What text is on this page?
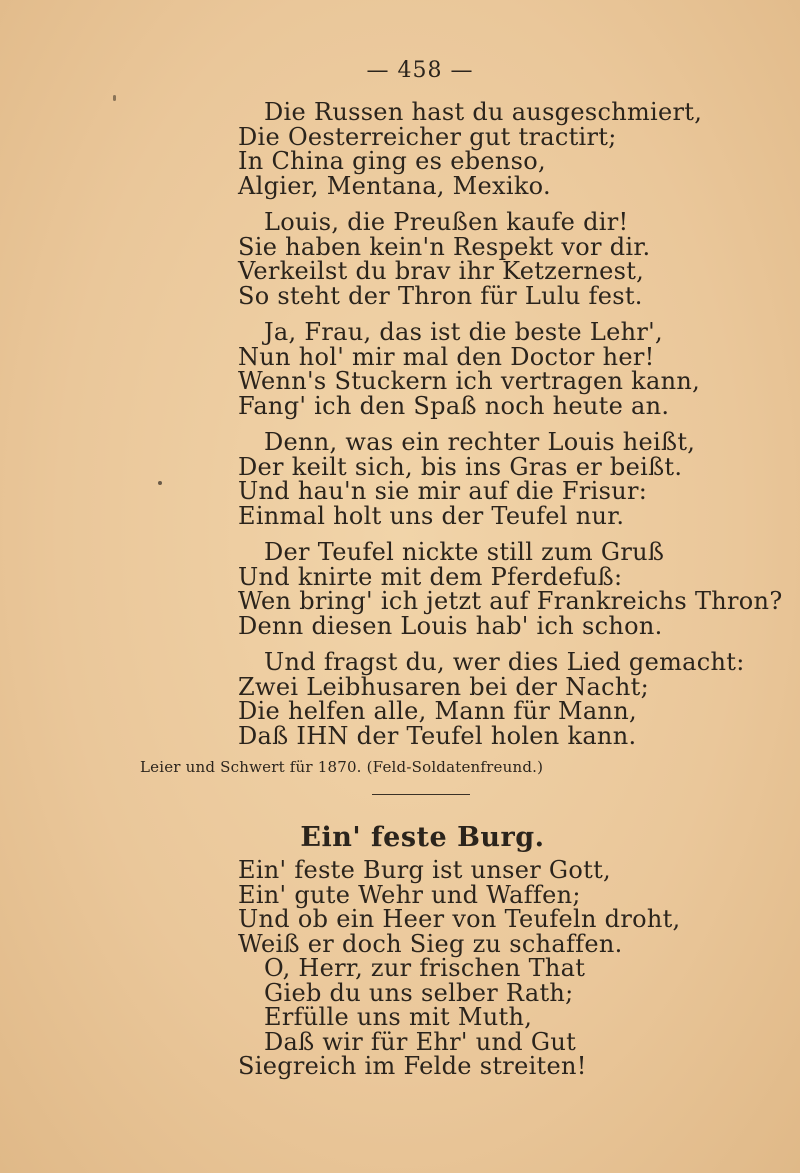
— 458 —
Die Russen hast du ausgeschmiert,
Die Oesterreicher gut tractirt;
In China ging es ebenso,
Algier, Mentana, Mexiko.
Louis, die Preußen kaufe dir!
Sie haben kein'n Respekt vor dir.
Verkeilst du brav ihr Ketzernest,
So steht der Thron für Lulu fest.
Ja, Frau, das ist die beste Lehr',
Nun hol' mir mal den Doctor her!
Wenn's Stuckern ich vertragen kann,
Fang' ich den Spaß noch heute an.
Denn, was ein rechter Louis heißt,
Der keilt sich, bis ins Gras er beißt.
Und hau'n sie mir auf die Frisur:
Einmal holt uns der Teufel nur.
Der Teufel nickte still zum Gruß
Und knirte mit dem Pferdefuß:
Wen bring' ich jetzt auf Frankreichs Thron?
Denn diesen Louis hab' ich schon.
Und fragst du, wer dies Lied gemacht:
Zwei Leibhusaren bei der Nacht;
Die helfen alle, Mann für Mann,
Daß IHN der Teufel holen kann.
Leier und Schwert für 1870. (Feld-Soldatenfreund.)
Ein' feste Burg.
Ein' feste Burg ist unser Gott,
Ein' gute Wehr und Waffen;
Und ob ein Heer von Teufeln droht,
Weiß er doch Sieg zu schaffen.
O, Herr, zur frischen That
Gieb du uns selber Rath;
Erfülle uns mit Muth,
Daß wir für Ehr' und Gut
Siegreich im Felde streiten!
